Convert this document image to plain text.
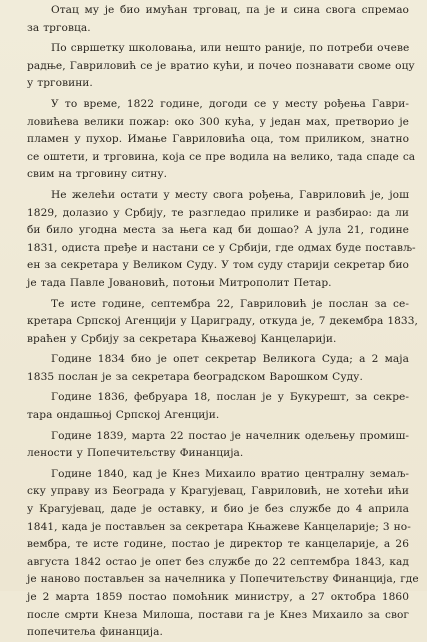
Отац му је био имућан трговац, па је и сина свога спремао
за трговца.

По свршетку школовања, или нешто раније, по потреби очеве
радње, Гавриловић се је вратио кући, и почео познавати своме оцу
у трговини.

У то време, 1822 године, догоди се у месту рођења Гаври-
ловићева велики пожар: око 300 кућа, у један мах, претворио је
пламен у пухор. Имање Гавриловића оца, том приликом, знатно
се оштети, и трговина, која се пре водила на велико, тада спаде са
свим на трговину ситну.

Не желећи остати у месту свога рођења, Гавриловић је, још
1829, долазио у Србију, те разгледао прилике и разбирао: да ли
би било угодна места за њега кад би дошао? А јула 21, године
1831, одиста пређе и настани се у Србији, где одмах буде постављ-
ен за секретара у Великом Суду. У том суду старији секретар био
је тада Павле Јовановић, потоњи Митрополит Петар.

Те исте године, септембра 22, Гавриловић је послан за се-
кретара Српској Агенцији у Цариграду, откуда је, 7 декембра 1833,
враћен у Србију за секретара Књажевој Канцеларији.

Године 1834 био је опет секретар Великога Суда; а 2 маја
1835 послан је за секретара београдском Варошком Суду.

Године 1836, фебруара 18, послан је у Букурешт, за секре-
тара ондашњој Српској Агенцији.

Године 1839, марта 22 постао је начелник одељењу промиш-
лености у Попечитељству Финанција.

Године 1840, кад је Кнез Михаило вратио централну земаљ-
ску управу из Београда у Крагујевац, Гавриловић, не хотећи ићи
у Крагујевац, даде је оставку, и био је без службе до 4 априла
1841, када је постављен за секретара Књажеве Канцеларије; 3 но-
вембра, те исте године, постао је директор те канцеларије, а 26
августа 1842 остао је опет без службе до 22 септембра 1843, кад
је наново постављен за начелника у Попечитељству Финанција, где
је 2 марта 1859 постао помоћник министру, а 27 октобра 1860
после смрти Кнеза Милоша, постави га је Кнез Михаило за свог
попечитеља финанција.
